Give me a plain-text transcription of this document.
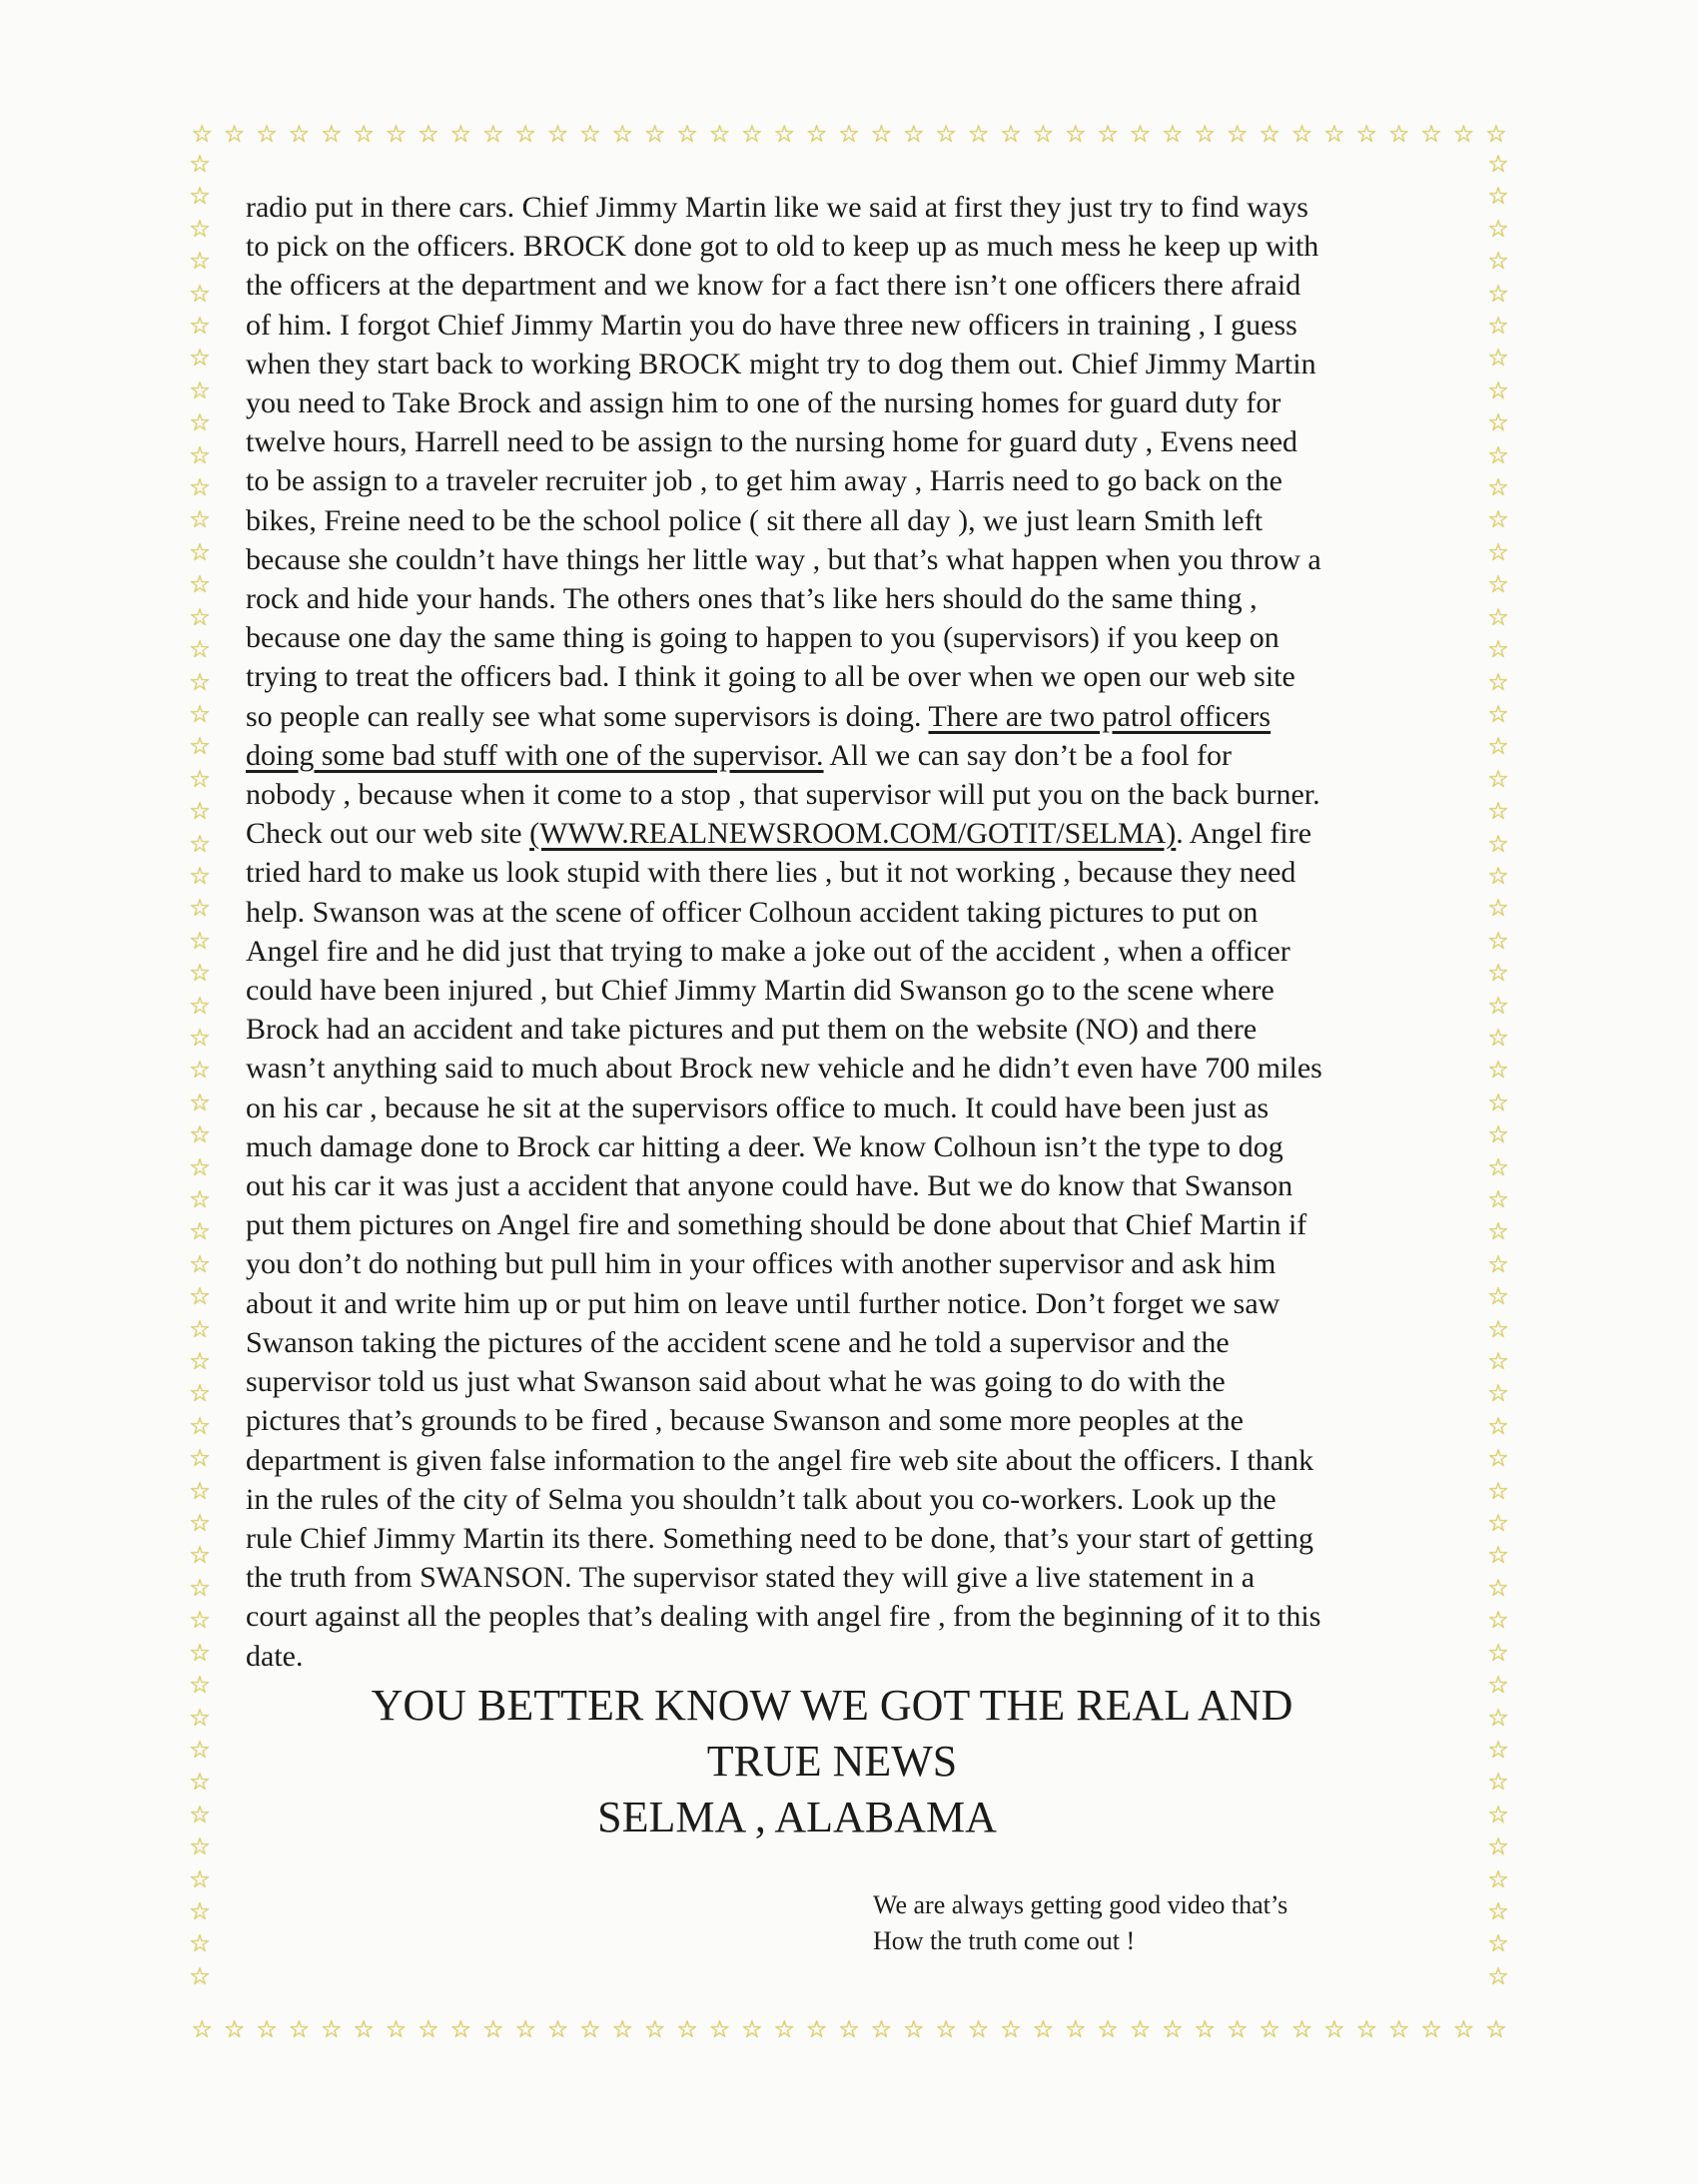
☆ ☆ ☆ ☆ ☆ ☆ ☆ ☆ ☆ ☆ ☆ ☆ ☆ ☆ ☆ ☆ ☆ ☆ ☆ ☆ ☆ ☆ ☆ ☆ ☆ ☆ ☆ ☆ ☆ ☆ ☆ ☆ ☆ ☆ ☆ ☆ ☆ ☆ ☆ ☆ ☆
☆ ☆ ☆ ☆ ☆ ☆ ☆ ☆ ☆ ☆ ☆ ☆ ☆ ☆ ☆ ☆ ☆ ☆ ☆ ☆ ☆ ☆ ☆ ☆ ☆ ☆ ☆ ☆ ☆ ☆ ☆ ☆ ☆ ☆ ☆ ☆ ☆ ☆ ☆ ☆ ☆
☆
☆
☆
☆
☆
☆
☆
☆
☆
☆
☆
☆
☆
☆
☆
☆
☆
☆
☆
☆
☆
☆
☆
☆
☆
☆
☆
☆
☆
☆
☆
☆
☆
☆
☆
☆
☆
☆
☆
☆
☆
☆
☆
☆
☆
☆
☆
☆
☆
☆
☆
☆
☆
☆
☆
☆
☆
☆
☆
☆
☆
☆
☆
☆
☆
☆
☆
☆
☆
☆
☆
☆
☆
☆
☆
☆
☆
☆
☆
☆
☆
☆
☆
☆
☆
☆
☆
☆
☆
☆
☆
☆
☆
☆
☆
☆
☆
☆
☆
☆
☆
☆
☆
☆
☆
☆
☆
☆
☆
☆
☆
☆
☆
☆
radio put in there cars. Chief Jimmy Martin like we said at first they just try to find ways
to pick on the officers. BROCK done got to old to keep up as much mess he keep up with
the officers at the department and we know for a fact there isn’t one officers there afraid
of him. I forgot Chief Jimmy Martin you do have three new officers in training , I guess
when they start back to working BROCK might try to dog them out. Chief Jimmy Martin
you need to Take Brock and assign him to one of the nursing homes for guard duty for
twelve hours, Harrell need to be assign to the nursing home for guard duty , Evens need
to be assign to a traveler recruiter job , to get him away , Harris need to go back on the
bikes, Freine need to be the school police ( sit there all day ), we just learn Smith left
because she couldn’t have things her little way , but that’s what happen when you throw a
rock and hide your hands. The others ones that’s like hers should do the same thing ,
because one day the same thing is going to happen to you (supervisors) if you keep on
trying to treat the officers bad. I think it going to all be over when we open our web site
so people can really see what some supervisors is doing. There are two patrol officers
doing some bad stuff with one of the supervisor. All we can say don’t be a fool for
nobody , because when it come to a stop , that supervisor will put you on the back burner.
Check out our web site (WWW.REALNEWSROOM.COM/GOTIT/SELMA). Angel fire
tried hard to make us look stupid with there lies , but it not working , because they need
help. Swanson was at the scene of officer Colhoun accident taking pictures to put on
Angel fire and he did just that trying to make a joke out of the accident , when a officer
could have been injured , but Chief Jimmy Martin did Swanson go to the scene where
Brock had an accident and take pictures and put them on the website (NO) and there
wasn’t anything said to much about Brock new vehicle and he didn’t even have 700 miles
on his car , because he sit at the supervisors office to much. It could have been just as
much damage done to Brock car hitting a deer. We know Colhoun isn’t the type to dog
out his car it was just a accident that anyone could have. But we do know that Swanson
put them pictures on Angel fire and something should be done about that Chief Martin if
you don’t do nothing but pull him in your offices with another supervisor and ask him
about it and write him up or put him on leave until further notice. Don’t forget we saw
Swanson taking the pictures of the accident scene and he told a supervisor and the
supervisor told us just what Swanson said about what he was going to do with the
pictures that’s grounds to be fired , because Swanson and some more peoples at the
department is given false information to the angel fire web site about the officers. I thank
in the rules of the city of Selma you shouldn’t talk about you co-workers. Look up the
rule Chief Jimmy Martin its there. Something need to be done, that’s your start of getting
the truth from SWANSON. The supervisor stated they will give a live statement in a
court against all the peoples that’s dealing with angel fire , from the beginning of it to this
date.
YOU BETTER KNOW WE GOT THE REAL AND
TRUE NEWS
SELMA , ALABAMA
We are always getting good video that’s
How the truth come out !
